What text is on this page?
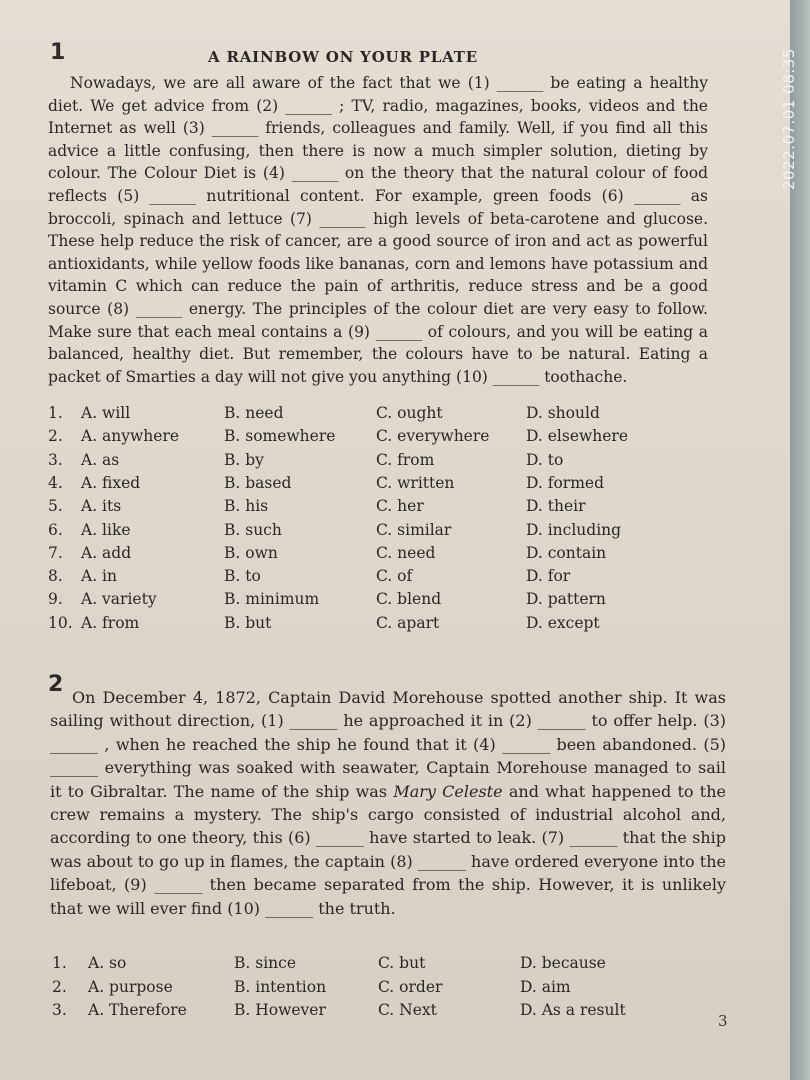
1	A RAINBOW ON YOUR PLATE

Nowadays, we are all aware of the fact that we (1) ______ be eating a healthy diet. We get advice from (2) ______ ; TV, radio, magazines, books, videos and the Internet as well (3) ______ friends, colleagues and family. Well, if you find all this advice a little confusing, then there is now a much simpler solution, dieting by colour. The Colour Diet is (4) ______ on the theory that the natural colour of food reflects (5) ______ nutritional content. For example, green foods (6) ______ as broccoli, spinach and lettuce (7) ______ high levels of beta-carotene and glucose. These help reduce the risk of cancer, are a good source of iron and act as powerful antioxidants, while yellow foods like bananas, corn and lemons have potassium and vitamin C which can reduce the pain of arthritis, reduce stress and be a good source (8) ______ energy. The principles of the colour diet are very easy to follow. Make sure that each meal contains a (9) ______ of colours, and you will be eating a balanced, healthy diet. But remember, the colours have to be natural. Eating a packet of Smarties a day will not give you anything (10) ______ toothache.

1. A. will	B. need	C. ought	D. should
2. A. anywhere	B. somewhere	C. everywhere D. elsewhere
3. A. as	B. by	C. from	D. to
4. A. fixed	B. based	C. written	D. formed
5. A. its	B. his	C. her	D. their
6. A. like	B. such	C. similar	D. including
7. A. add	B. own	C. need	D. contain
8. A. in	B. to	C. of	D. for
9. A. variety	B. minimum	C. blend	D. pattern
10. A. from	B. but	C. apart	D. except
2

On December 4, 1872, Captain David Morehouse spotted another ship. It was sailing without direction, (1) ______ he approached it in (2) ______ to offer help. (3) ______ , when he reached the ship he found that it (4) ______ been abandoned. (5) ______ everything was soaked with seawater, Captain Morehouse managed to sail it to Gibraltar. The name of the ship was Mary Celeste and what happened to the crew remains a mystery. The ship's cargo consisted of industrial alcohol and, according to one theory, this (6) ______ have started to leak. (7) ______ that the ship was about to go up in flames, the captain (8) ______ have ordered everyone into the lifeboat, (9) ______ then became separated from the ship. However, it is unlikely that we will ever find (10) ______ the truth.

1. A. so	B. since	C. but	D. because
2. A. purpose	B. intention	C. order	D. aim
3. A. Therefore	B. However	C. Next	D. As a result
3
2022.07.01 08:35
